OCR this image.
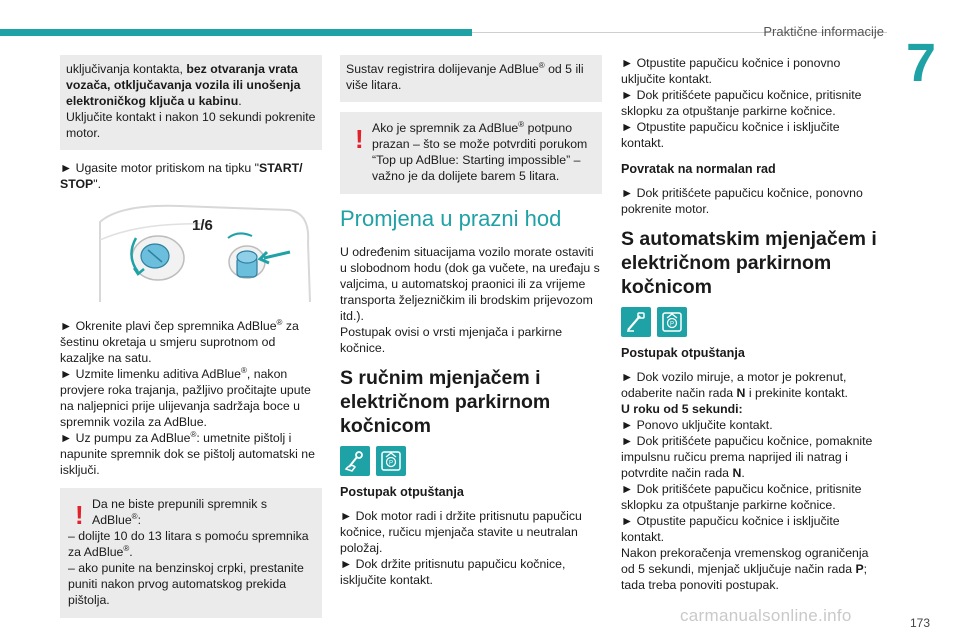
Praktične informacije
7
uključivanja kontakta, bez otvaranja vrata vozača, otključavanja vozila ili unošenja elektroničkog ključa u kabinu.
Uključite kontakt i nakon 10 sekundi pokrenite motor.

► Ugasite motor pritiskom na tipku "START/ STOP".

1/6

► Okrenite plavi čep spremnika AdBlue® za šestinu okretaja u smjeru suprotnom od kazaljke na satu.
► Uzmite limenku aditiva AdBlue®, nakon provjere roka trajanja, pažljivo pročitajte upute na naljepnici prije ulijevanja sadržaja boce u spremnik vozila za AdBlue.
► Uz pumpu za AdBlue®: umetnite pištolj i napunite spremnik dok se pištolj automatski ne isključi.

! Da ne biste prepunili spremnik s AdBlue®:
– dolijte 10 do 13 litara s pomoću spremnika za AdBlue®.
– ako punite na benzinskoj crpki, prestanite puniti nakon prvog automatskog prekida pištolja.
Sustav registrira dolijevanje AdBlue® od 5 ili više litara.
! Ako je spremnik za AdBlue® potpuno prazan – što se može potvrditi porukom “Top up AdBlue: Starting impossible” – važno je da dolijete barem 5 litara.
Promjena u prazni hod

U određenim situacijama vozilo morate ostaviti u slobodnom hodu (dok ga vučete, na uređaju s valjcima, u automatskoj praonici ili za vrijeme transporta željezničkim ili brodskim prijevozom itd.).
Postupak ovisi o vrsti mjenjača i parkirne kočnice.

S ručnim mjenjačem i električnom parkirnom kočnicom
P
Postupak otpuštanja

► Dok motor radi i držite pritisnutu papučicu kočnice, ručicu mjenjača stavite u neutralan položaj.
► Dok držite pritisnutu papučicu kočnice, isključite kontakt.

► Otpustite papučicu kočnice i ponovno uključite kontakt.
► Dok pritišćete papučicu kočnice, pritisnite sklopku za otpuštanje parkirne kočnice.
► Otpustite papučicu kočnice i isključite kontakt.

Povratak na normalan rad

► Dok pritišćete papučicu kočnice, ponovno pokrenite motor.

S automatskim mjenjačem i električnom parkirnom kočnicom
P
Postupak otpuštanja

► Dok vozilo miruje, a motor je pokrenut, odaberite način rada N i prekinite kontakt.
U roku od 5 sekundi:
► Ponovo uključite kontakt.
► Dok pritišćete papučicu kočnice, pomaknite impulsnu ručicu prema naprijed ili natrag i potvrdite način rada N.
► Dok pritišćete papučicu kočnice, pritisnite sklopku za otpuštanje parkirne kočnice.
► Otpustite papučicu kočnice i isključite kontakt.
Nakon prekoračenja vremenskog ograničenja od 5 sekundi, mjenjač uključuje način rada P; tada treba ponoviti postupak.

carmanualsonline.info	173
